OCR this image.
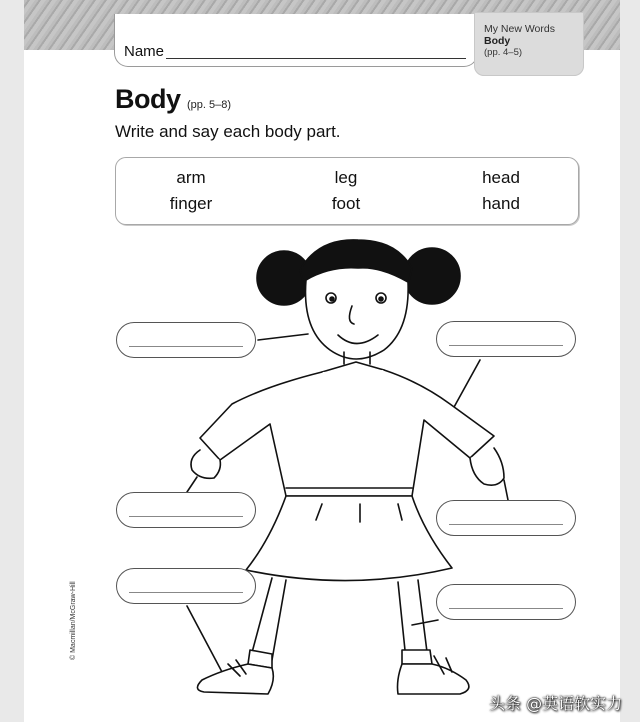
Name
My New Words
Body
(pp. 4–5)
Body (pp. 5–8)
Write and say each body part.
arm	leg	head
finger	foot	hand
© Macmillan/McGraw-Hill
头条 @英语软实力
